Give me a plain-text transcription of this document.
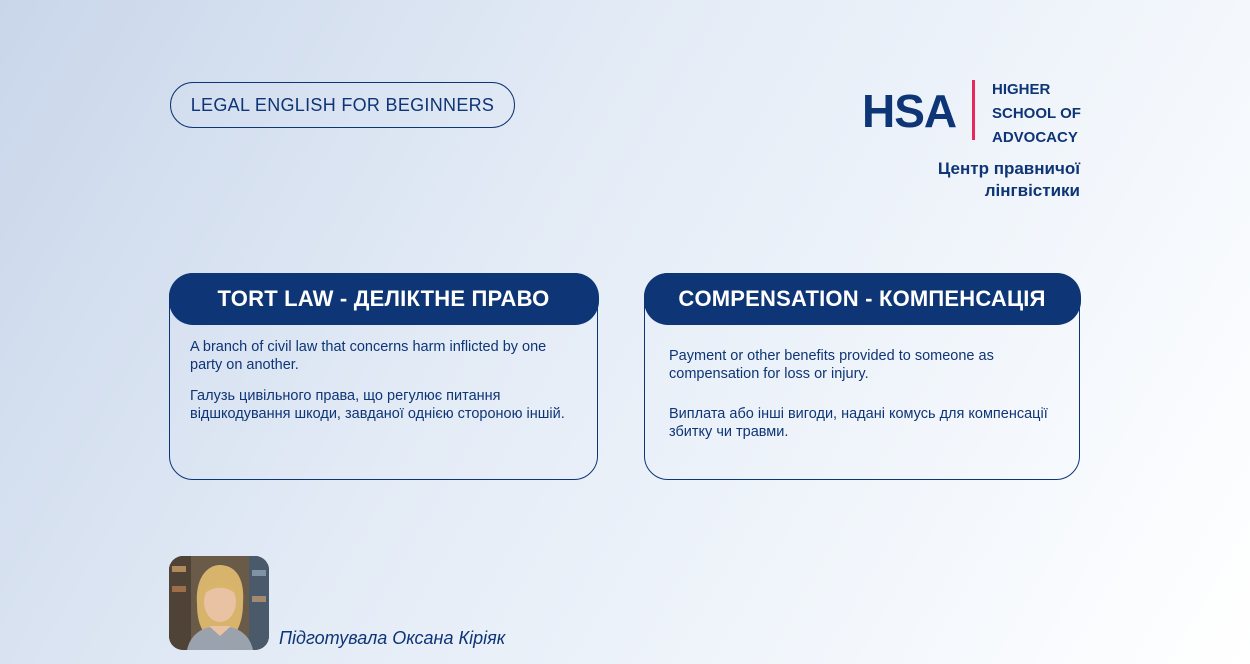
LEGAL ENGLISH FOR BEGINNERS	HSA HIGHER
SCHOOL OF
ADVOCACY
Центр правничої
лінгвістики
TORT LAW - ДЕЛІКТНЕ ПРАВО

A branch of civil law that concerns harm inflicted by one party on another.

Галузь цивільного права, що регулює питання відшкодування шкоди, завданої однією стороною іншій.

COMPENSATION - КОМПЕНСАЦІЯ

Payment or other benefits provided to someone as compensation for loss or injury.

Виплата або інші вигоди, надані комусь для компенсації збитку чи травми.

Підготувала Оксана Кіріяк
